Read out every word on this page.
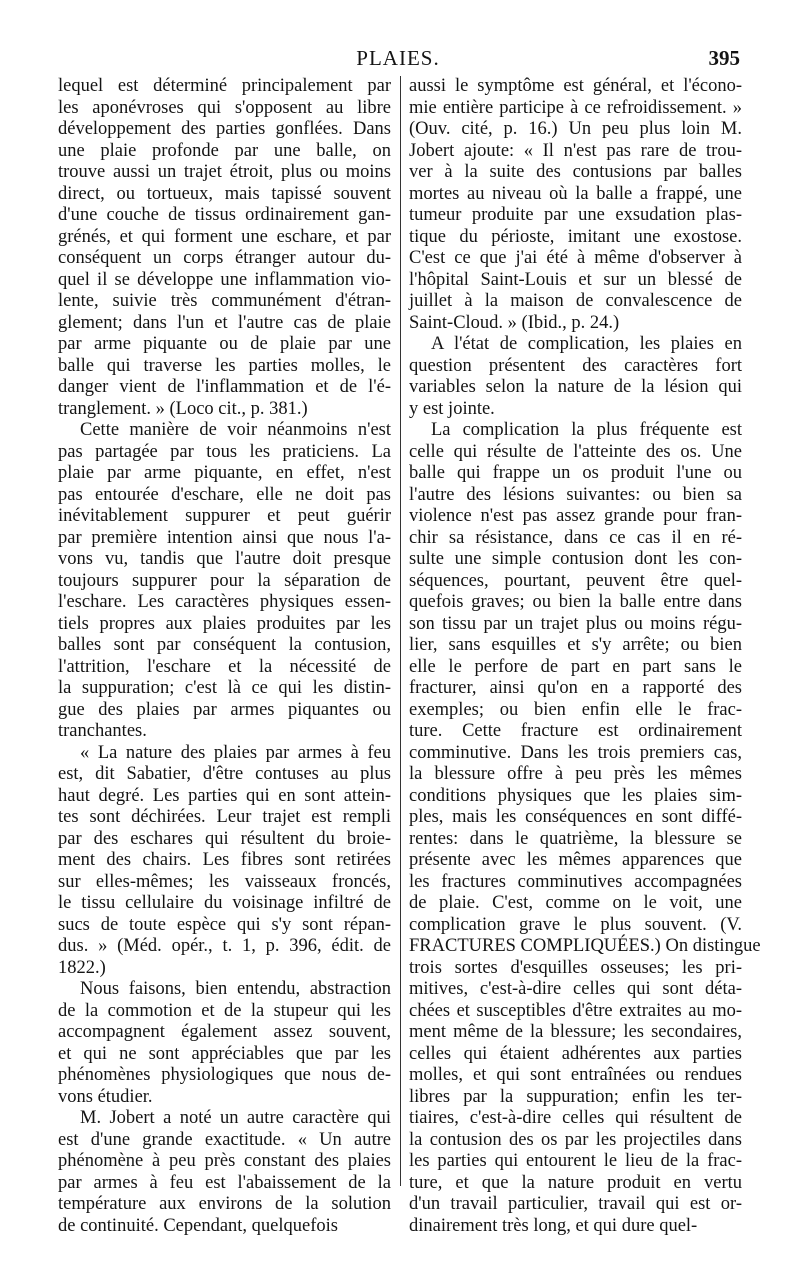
PLAIES.	395

lequel est déterminé principalement par
les aponévroses qui s'opposent au libre
développement des parties gonflées. Dans
une plaie profonde par une balle, on
trouve aussi un trajet étroit, plus ou moins
direct, ou tortueux, mais tapissé souvent
d'une couche de tissus ordinairement gan-
grénés, et qui forment une eschare, et par
conséquent un corps étranger autour du-
quel il se développe une inflammation vio-
lente, suivie très communément d'étran-
glement; dans l'un et l'autre cas de plaie
par arme piquante ou de plaie par une
balle qui traverse les parties molles, le
danger vient de l'inflammation et de l'é-
tranglement. » (Loco cit., p. 381.)

Cette manière de voir néanmoins n'est
pas partagée par tous les praticiens. La
plaie par arme piquante, en effet, n'est
pas entourée d'eschare, elle ne doit pas
inévitablement suppurer et peut guérir
par première intention ainsi que nous l'a-
vons vu, tandis que l'autre doit presque
toujours suppurer pour la séparation de
l'eschare. Les caractères physiques essen-
tiels propres aux plaies produites par les
balles sont par conséquent la contusion,
l'attrition, l'eschare et la nécessité de
la suppuration; c'est là ce qui les distin-
gue des plaies par armes piquantes ou
tranchantes.

« La nature des plaies par armes à feu
est, dit Sabatier, d'être contuses au plus
haut degré. Les parties qui en sont attein-
tes sont déchirées. Leur trajet est rempli
par des eschares qui résultent du broie-
ment des chairs. Les fibres sont retirées
sur elles-mêmes; les vaisseaux froncés,
le tissu cellulaire du voisinage infiltré de
sucs de toute espèce qui s'y sont répan-
dus. » (Méd. opér., t. 1, p. 396, édit. de
1822.)

Nous faisons, bien entendu, abstraction
de la commotion et de la stupeur qui les
accompagnent également assez souvent,
et qui ne sont appréciables que par les
phénomènes physiologiques que nous de-
vons étudier.

M. Jobert a noté un autre caractère qui
est d'une grande exactitude. « Un autre
phénomène à peu près constant des plaies
par armes à feu est l'abaissement de la
température aux environs de la solution
de continuité. Cependant, quelquefois

aussi le symptôme est général, et l'écono-
mie entière participe à ce refroidissement. »
(Ouv. cité, p. 16.) Un peu plus loin M.
Jobert ajoute: « Il n'est pas rare de trou-
ver à la suite des contusions par balles
mortes au niveau où la balle a frappé, une
tumeur produite par une exsudation plas-
tique du périoste, imitant une exostose.
C'est ce que j'ai été à même d'observer à
l'hôpital Saint-Louis et sur un blessé de
juillet à la maison de convalescence de
Saint-Cloud. » (Ibid., p. 24.)

A l'état de complication, les plaies en
question présentent des caractères fort
variables selon la nature de la lésion qui
y est jointe.

La complication la plus fréquente est
celle qui résulte de l'atteinte des os. Une
balle qui frappe un os produit l'une ou
l'autre des lésions suivantes: ou bien sa
violence n'est pas assez grande pour fran-
chir sa résistance, dans ce cas il en ré-
sulte une simple contusion dont les con-
séquences, pourtant, peuvent être quel-
quefois graves; ou bien la balle entre dans
son tissu par un trajet plus ou moins régu-
lier, sans esquilles et s'y arrête; ou bien
elle le perfore de part en part sans le
fracturer, ainsi qu'on en a rapporté des
exemples; ou bien enfin elle le frac-
ture. Cette fracture est ordinairement
comminutive. Dans les trois premiers cas,
la blessure offre à peu près les mêmes
conditions physiques que les plaies sim-
ples, mais les conséquences en sont diffé-
rentes: dans le quatrième, la blessure se
présente avec les mêmes apparences que
les fractures comminutives accompagnées
de plaie. C'est, comme on le voit, une
complication grave le plus souvent. (V.
FRACTURES COMPLIQUÉES.) On distingue
trois sortes d'esquilles osseuses; les pri-
mitives, c'est-à-dire celles qui sont déta-
chées et susceptibles d'être extraites au mo-
ment même de la blessure; les secondaires,
celles qui étaient adhérentes aux parties
molles, et qui sont entraînées ou rendues
libres par la suppuration; enfin les ter-
tiaires, c'est-à-dire celles qui résultent de
la contusion des os par les projectiles dans
les parties qui entourent le lieu de la frac-
ture, et que la nature produit en vertu
d'un travail particulier, travail qui est or-
dinairement très long, et qui dure quel-
